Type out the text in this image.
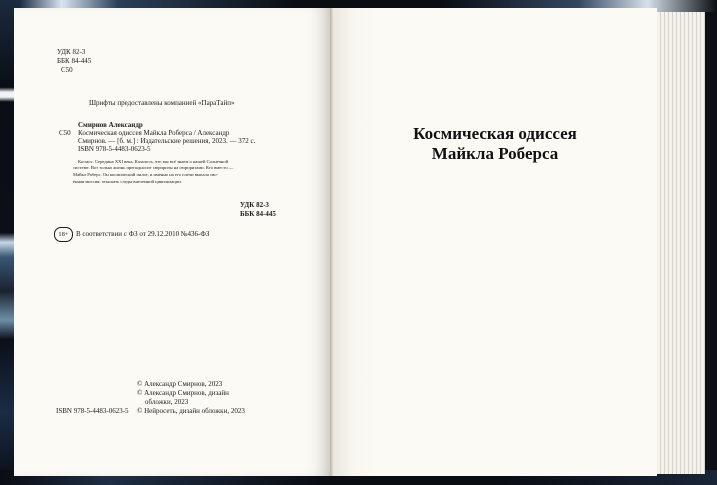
УДК 82-3
ББК 84-445
С50
Шрифты предоставлены компанией «ПараТайп»
Смирнов Александр
С50 Космическая одиссея Майкла Роберса / Александр
Смирнов. — [б. м.] : Издательские решения, 2023. — 372 с.
ISBN 978-5-4483-0623-5
Космос. Середина XXI века. Казалось, что мы всё знаем о нашей Солнечной
системе. Вот только жизнь преподносит сюрпризы на сюрпризами. Кто вместо —
Майкл Роберс. Он космический пилот, и именно на его плечи выпала сво-
ённая миссия: отыскать следы внеземной цивилизации.
УДК 82-3
ББК 84-445
18+	В соответствии с ФЗ от 29.12.2010 №436-ФЗ
© Александр Смирнов, 2023
© Александр Смирнов, дизайн
обложки, 2023
© Нейросеть, дизайн обложки, 2023
ISBN 978-5-4483-0623-5
Космическая одиссея
Майкла Роберса
